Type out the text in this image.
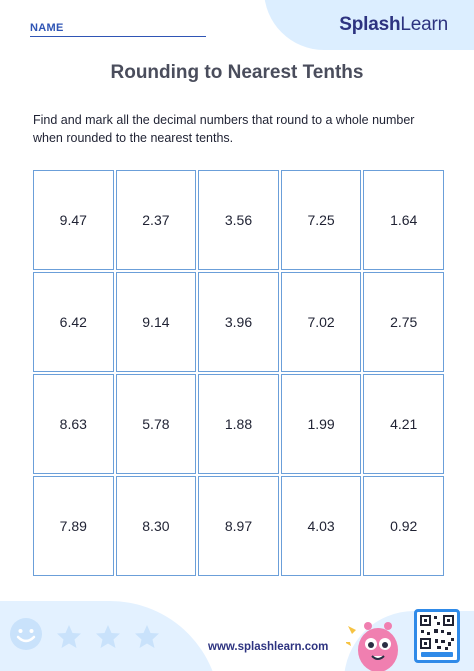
SplashLearn
NAME
Rounding to Nearest Tenths
Find and mark all the decimal numbers that round to a whole number when rounded to the nearest tenths.
9.47	2.37	3.56	7.25	1.64
6.42	9.14	3.96	7.02	2.75
8.63	5.78	1.88	1.99	4.21
7.89	8.30	8.97	4.03	0.92
www.splashlearn.com
